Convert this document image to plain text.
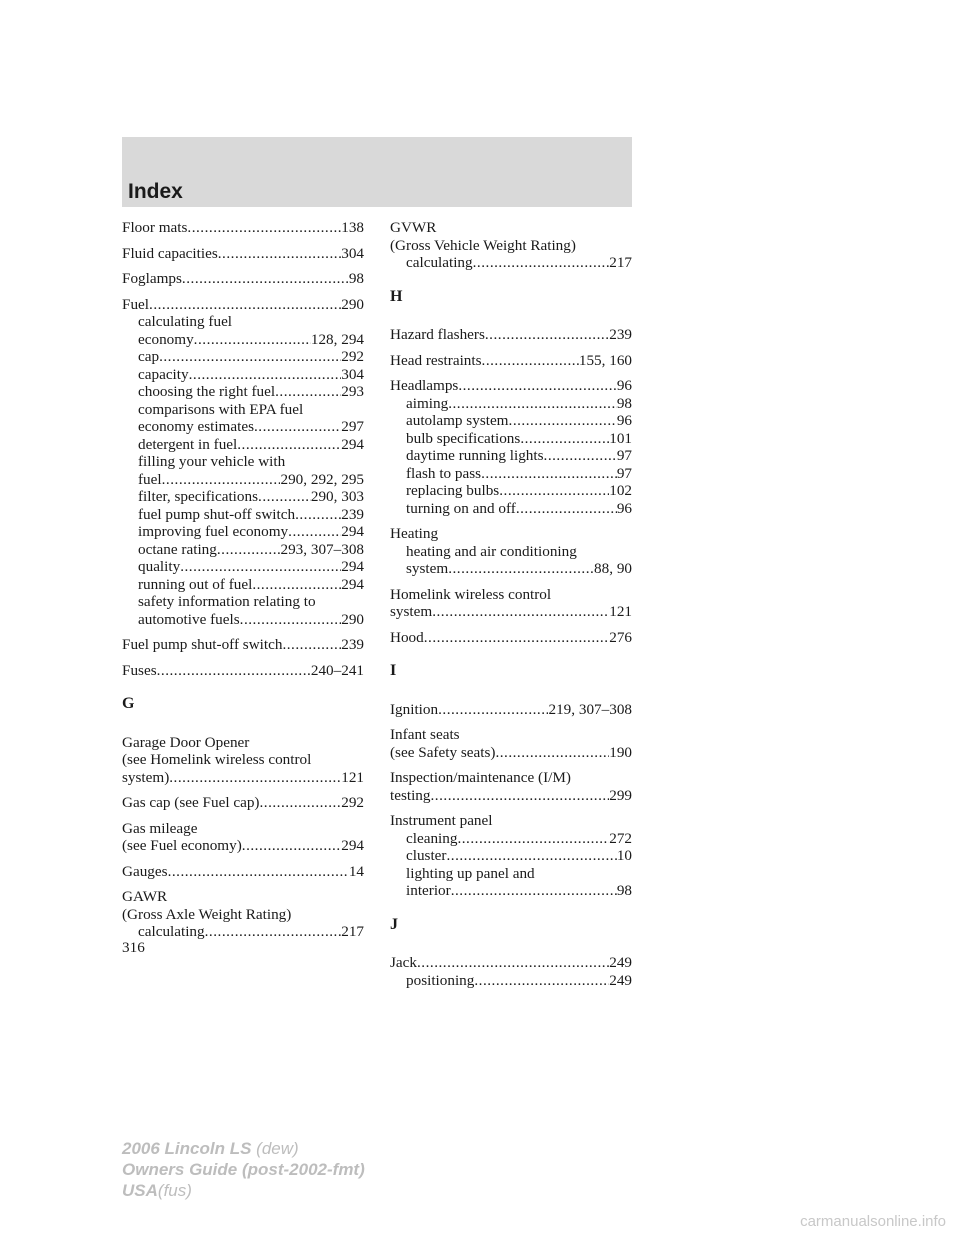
Index
Floor mats .....	138
Fluid capacities .....	304
Foglamps .....	98
Fuel .....	290
calculating fuel
economy .....	128, 294
cap .....	292
capacity .....	304
choosing the right fuel .....	293
comparisons with EPA fuel
economy estimates .....	297
detergent in fuel .....	294
filling your vehicle with
fuel .....	290, 292, 295
filter, specifications .....	290, 303
fuel pump shut-off switch .....	239
improving fuel economy .....	294
octane rating .....	293, 307–308
quality .....	294
running out of fuel .....	294
safety information relating to
automotive fuels .....	290
Fuel pump shut-off switch .....	239
Fuses .....	240–241
G
Garage Door Opener
(see Homelink wireless control
system) .....	121
Gas cap (see Fuel cap) .....	292
Gas mileage
(see Fuel economy) .....	294
Gauges .....	14
GAWR
(Gross Axle Weight Rating)
calculating .....	217
GVWR
(Gross Vehicle Weight Rating)
calculating .....	217
H
Hazard flashers .....	239
Head restraints .....	155, 160
Headlamps .....	96
aiming .....	98
autolamp system .....	96
bulb specifications .....	101
daytime running lights .....	97
flash to pass .....	97
replacing bulbs .....	102
turning on and off .....	96
Heating
heating and air conditioning
system .....	88, 90
Homelink wireless control
system .....	121
Hood .....	276
I
Ignition .....	219, 307–308
Infant seats
(see Safety seats) .....	190
Inspection/maintenance (I/M)
testing .....	299
Instrument panel
cleaning .....	272
cluster .....	10
lighting up panel and
interior .....	98
J
Jack .....	249
positioning .....	249
316
2006 Lincoln LS (dew)
Owners Guide (post-2002-fmt)
USA(fus)
carmanualsonline.info
